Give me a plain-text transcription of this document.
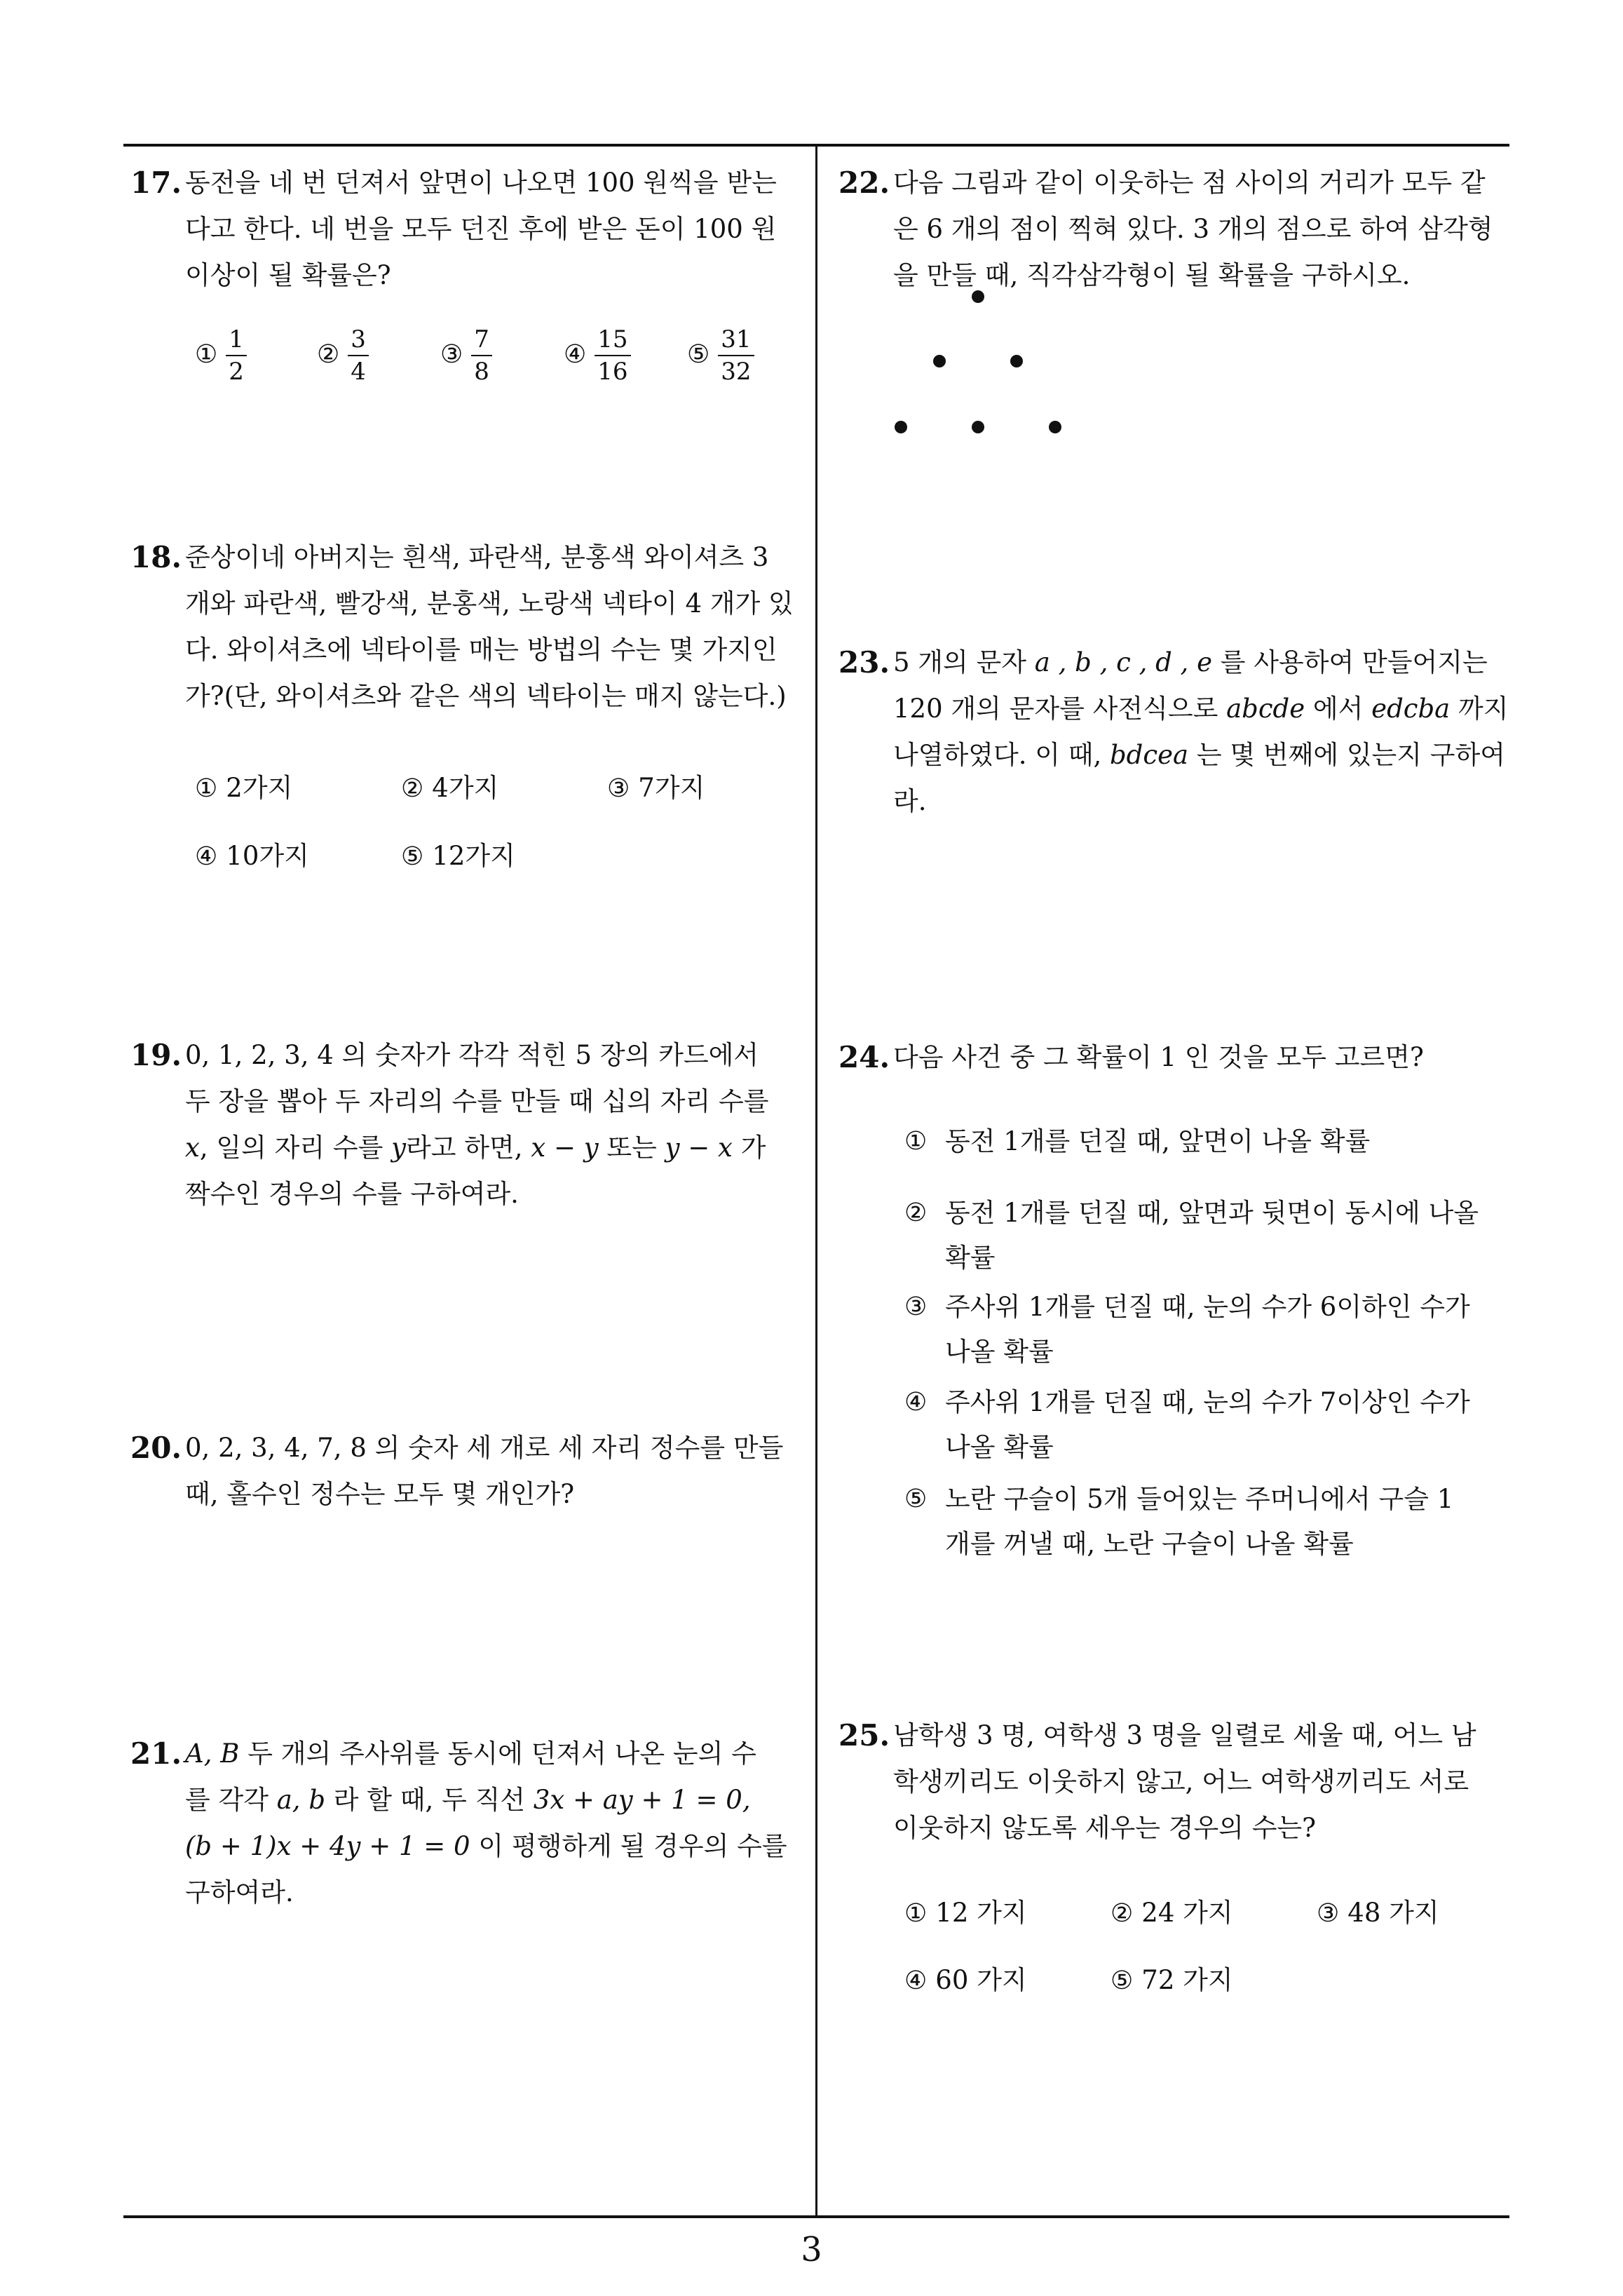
17. 동전을 네 번 던져서 앞면이 나오면 100 원씩을 받는
다고 한다. 네 번을 모두 던진 후에 받은 돈이 100 원
이상이 될 확률은?
① $\frac{1}{2}$	② $\frac{3}{4}$	③ $\frac{7}{8}$	④ $\frac{15}{16}$ ⑤ $\frac{31}{32}$
18. 준상이네 아버지는 흰색, 파란색, 분홍색 와이셔츠 3
개와 파란색, 빨강색, 분홍색, 노랑색 넥타이 4 개가 있
다. 와이셔츠에 넥타이를 매는 방법의 수는 몇 가지인
가?(단, 와이셔츠와 같은 색의 넥타이는 매지 않는다.)
① 2가지	② 4가지	③ 7가지
④ 10가지	⑤ 12가지
19. 0, 1, 2, 3, 4 의 숫자가 각각 적힌 5 장의 카드에서
두 장을 뽑아 두 자리의 수를 만들 때 십의 자리 수를
x, 일의 자리 수를 y라고 하면, x − y 또는 y − x 가
짝수인 경우의 수를 구하여라.
20. 0, 2, 3, 4, 7, 8 의 숫자 세 개로 세 자리 정수를 만들
때, 홀수인 정수는 모두 몇 개인가?
21. A, B 두 개의 주사위를 동시에 던져서 나온 눈의 수
를 각각 a, b 라 할 때, 두 직선 3x + ay + 1 = 0,
(b + 1)x + 4y + 1 = 0 이 평행하게 될 경우의 수를
구하여라.
22. 다음 그림과 같이 이웃하는 점 사이의 거리가 모두 같
은 6 개의 점이 찍혀 있다. 3 개의 점으로 하여 삼각형
을 만들 때, 직각삼각형이 될 확률을 구하시오.
23. 5 개의 문자 a , b , c , d , e 를 사용하여 만들어지는
120 개의 문자를 사전식으로 abcde 에서 edcba 까지
나열하였다. 이 때, bdcea 는 몇 번째에 있는지 구하여
라.
24. 다음 사건 중 그 확률이 1 인 것을 모두 고르면?
① 동전 1개를 던질 때, 앞면이 나올 확률
② 동전 1개를 던질 때, 앞면과 뒷면이 동시에 나올
확률
③ 주사위 1개를 던질 때, 눈의 수가 6이하인 수가
나올 확률
④ 주사위 1개를 던질 때, 눈의 수가 7이상인 수가
나올 확률
⑤ 노란 구슬이 5개 들어있는 주머니에서 구슬 1
개를 꺼낼 때, 노란 구슬이 나올 확률
25. 남학생 3 명, 여학생 3 명을 일렬로 세울 때, 어느 남
학생끼리도 이웃하지 않고, 어느 여학생끼리도 서로
이웃하지 않도록 세우는 경우의 수는?
① 12 가지	② 24 가지	③ 48 가지
④ 60 가지	⑤ 72 가지
3
